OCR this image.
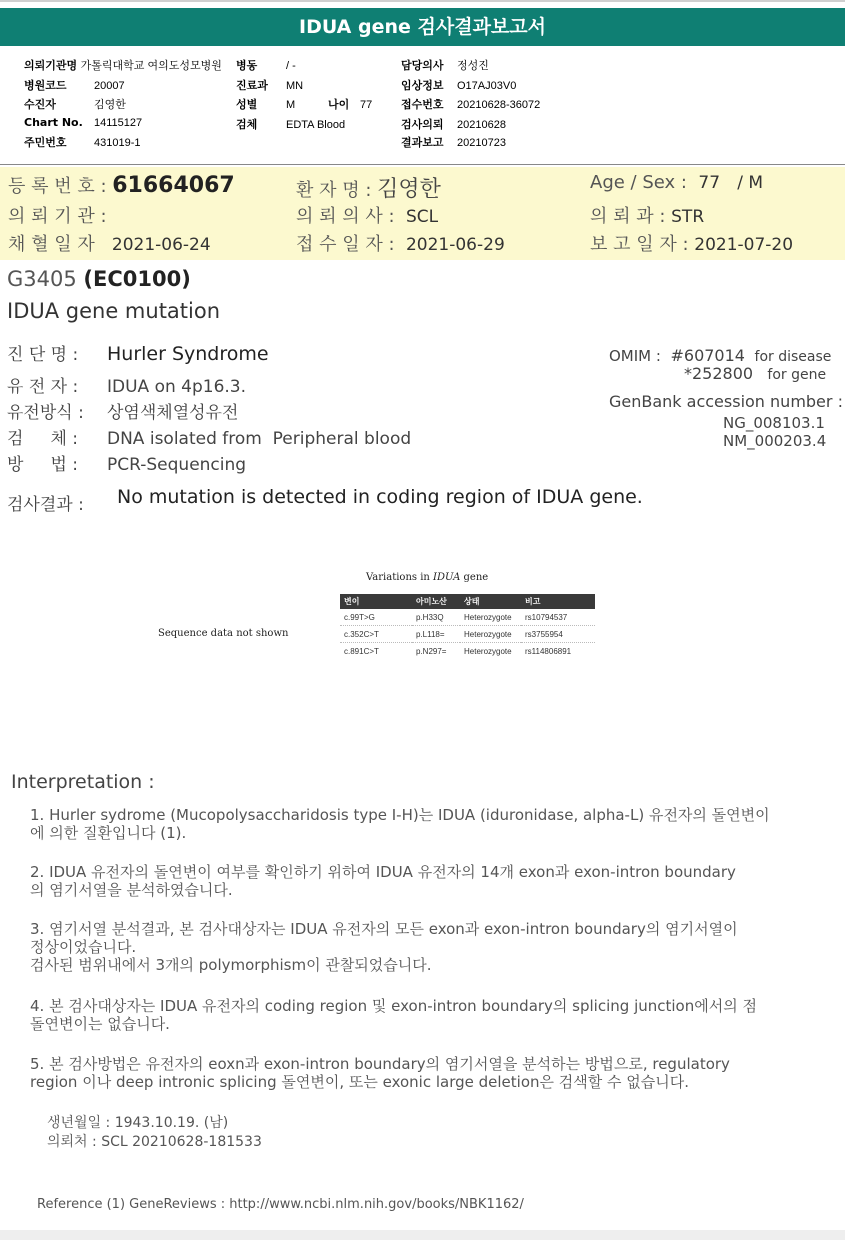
IDUA gene 검사결과보고서
의뢰기관명 가톨릭대학교 여의도성모병원
병원코드 20007
수진자	김영한
Chart No. 14115127
주민번호 431019-1
병동	/ -
진료과 MN
성별	M	나이 77
검체	EDTA Blood
담당의사 정성진
임상정보 O17AJ03V0
접수번호 20210628-36072
검사의뢰 20210628
결과보고 20210723
등 록 번 호 : 61664067	환 자 명 : 김영한	Age / Sex : 77 / M
의 뢰 기 관 :	의 뢰 의 사 : SCL	의 뢰 과 : STR
채 혈 일 자 2021-06-24	접 수 일 자 : 2021-06-29	보 고 일 자 : 2021-07-20
G3405 (EC0100)
IDUA gene mutation
진 단 명 : Hurler Syndrome
유 전 자 : IDUA on 4p16.3.
유전방식 : 상염색체열성유전
검     체 : DNA isolated from  Peripheral blood
방     법 : PCR-Sequencing
OMIM : #607014 for disease
*252800 for gene
GenBank accession number :
NG_008103.1
NM_000203.4
검사결과 : No mutation is detected in coding region of IDUA gene.
Variations in IDUA gene
Sequence data not shown
변이	아미노산	상태	비고
c.99T>G	p.H33Q	Heterozygote	rs10794537
c.352C>T	p.L118=	Heterozygote	rs3755954
c.891C>T	p.N297=	Heterozygote	rs114806891
Interpretation :
1. Hurler sydrome (Mucopolysaccharidosis type I-H)는 IDUA (iduronidase, alpha-L) 유전자의 돌연변이
에 의한 질환입니다 (1).
2. IDUA 유전자의 돌연변이 여부를 확인하기 위하여 IDUA 유전자의 14개 exon과 exon-intron boundary
의 염기서열을 분석하였습니다.
3. 염기서열 분석결과, 본 검사대상자는 IDUA 유전자의 모든 exon과 exon-intron boundary의 염기서열이
정상이었습니다.
검사된 범위내에서 3개의 polymorphism이 관찰되었습니다.
4. 본 검사대상자는 IDUA 유전자의 coding region 및 exon-intron boundary의 splicing junction에서의 점
돌연변이는 없습니다.
5. 본 검사방법은 유전자의 eoxn과 exon-intron boundary의 염기서열을 분석하는 방법으로, regulatory
region 이나 deep intronic splicing 돌연변이, 또는 exonic large deletion은 검색할 수 없습니다.
생년월일 : 1943.10.19. (남)
의뢰처 : SCL 20210628-181533
Reference (1) GeneReviews : http://www.ncbi.nlm.nih.gov/books/NBK1162/
